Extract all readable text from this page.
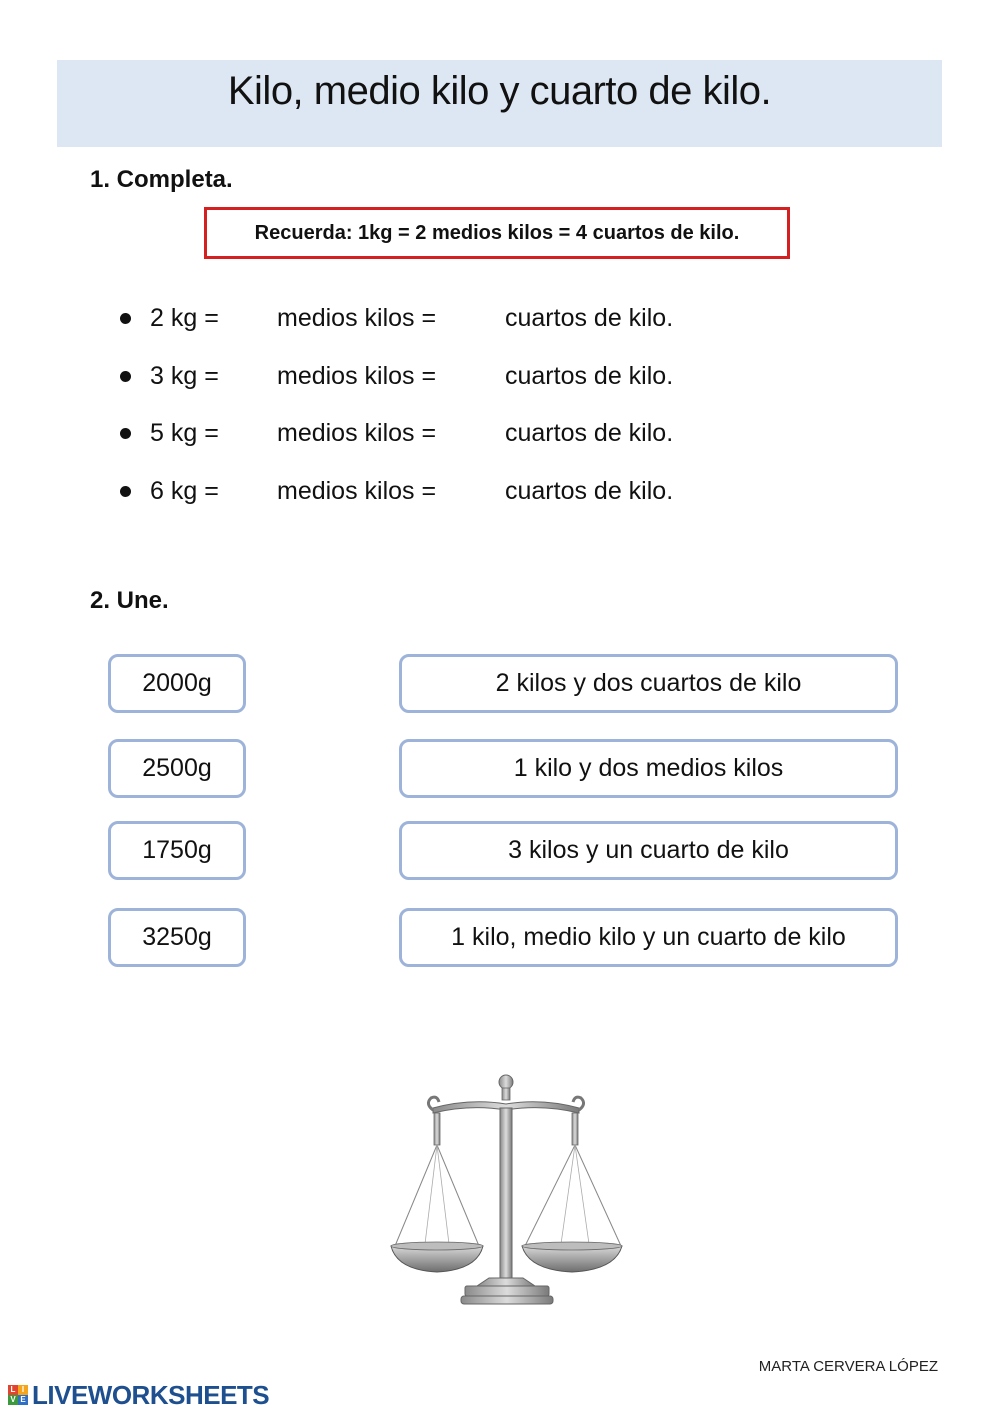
Kilo, medio kilo y cuarto de kilo.
1. Completa.
Recuerda: 1kg = 2 medios kilos = 4 cuartos de kilo.
2 kg = medios kilos =	cuartos de kilo.
3 kg = medios kilos =	cuartos de kilo.
5 kg = medios kilos =	cuartos de kilo.
6 kg = medios kilos =	cuartos de kilo.
2. Une.
2000g
2500g
1750g
3250g
2 kilos y dos cuartos de kilo
1 kilo y dos medios kilos
3 kilos y un cuarto de kilo
1 kilo, medio kilo y un cuarto de kilo
MARTA CERVERA LÓPEZ
L I
V E LIVEWORKSHEETS
